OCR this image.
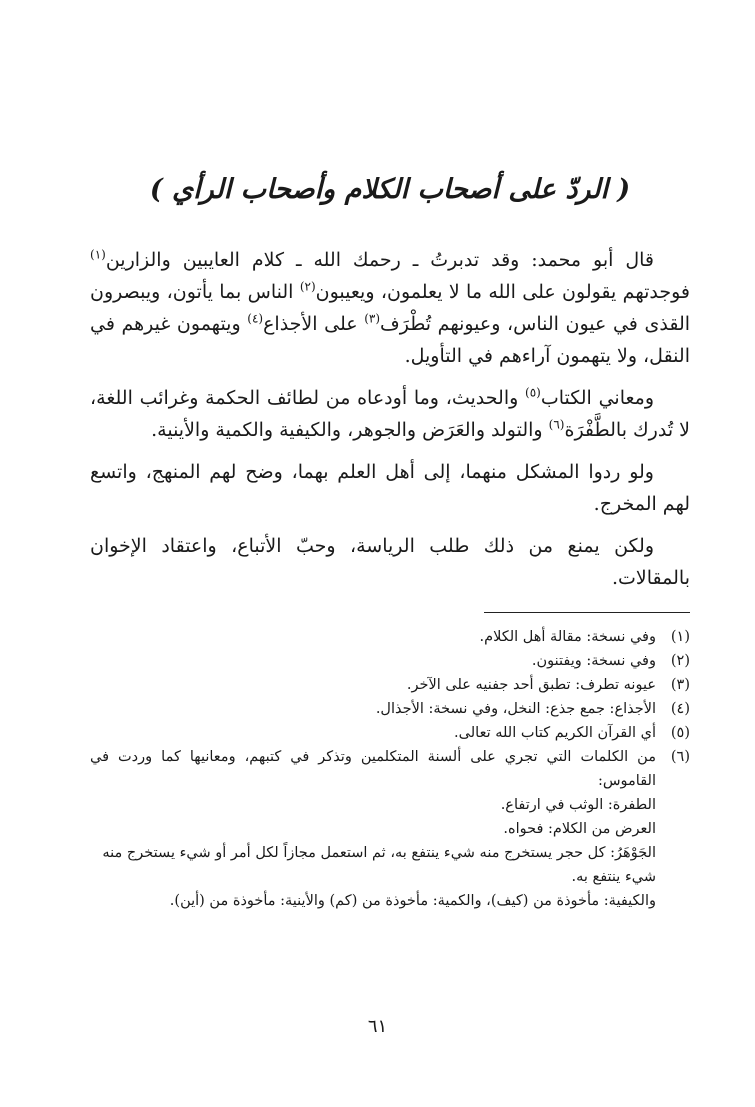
( الردّ على أصحاب الكلام وأصحاب الرأي )

قال أبو محمد: وقد تدبرتُ ـ رحمك الله ـ كلام العايبين والزارين$^{(١)}$ فوجدتهم يقولون على الله ما لا يعلمون، ويعيبون$^{(٢)}$ الناس بما يأتون، ويبصرون القذى في عيون الناس، وعيونهم تُطْرَف$^{(٣)}$ على الأجذاع$^{(٤)}$ ويتهمون غيرهم في النقل، ولا يتهمون آراءهم في التأويل.

ومعاني الكتاب$^{(٥)}$ والحديث، وما أودعاه من لطائف الحكمة وغرائب اللغة، لا تُدرك بالطَّفْرَة$^{(٦)}$ والتولد والعَرَض والجوهر، والكيفية والكمية والأينية.

ولو ردوا المشكل منهما، إلى أهل العلم بهما، وضح لهم المنهج، واتسع لهم المخرج.

ولكن يمنع من ذلك طلب الرياسة، وحبّ الأتباع، واعتقاد الإخوان بالمقالات.

(١)
وفي نسخة: مقالة أهل الكلام.
(٢)
وفي نسخة: ويفتنون.
(٣)
عيونه تطرف: تطبق أحد جفنيه على الآخر.
(٤)
الأجذاع: جمع جذع: النخل، وفي نسخة: الأجذال.
(٥)
أي القرآن الكريم كتاب الله تعالى.
(٦)
من الكلمات التي تجري على ألسنة المتكلمين وتذكر في كتبهم، ومعانيها كما وردت في القاموس:
الطفرة: الوثب في ارتفاع.
العرض من الكلام: فحواه.
الجَوْهَرُ: كل حجر يستخرج منه شيء ينتفع به، ثم استعمل مجازاً لكل أمر أو شيء يستخرج منه شيء ينتفع به.
والكيفية: مأخوذة من (كيف)، والكمية: مأخوذة من (كم) والأينية: مأخوذة من (أين).
٦١
